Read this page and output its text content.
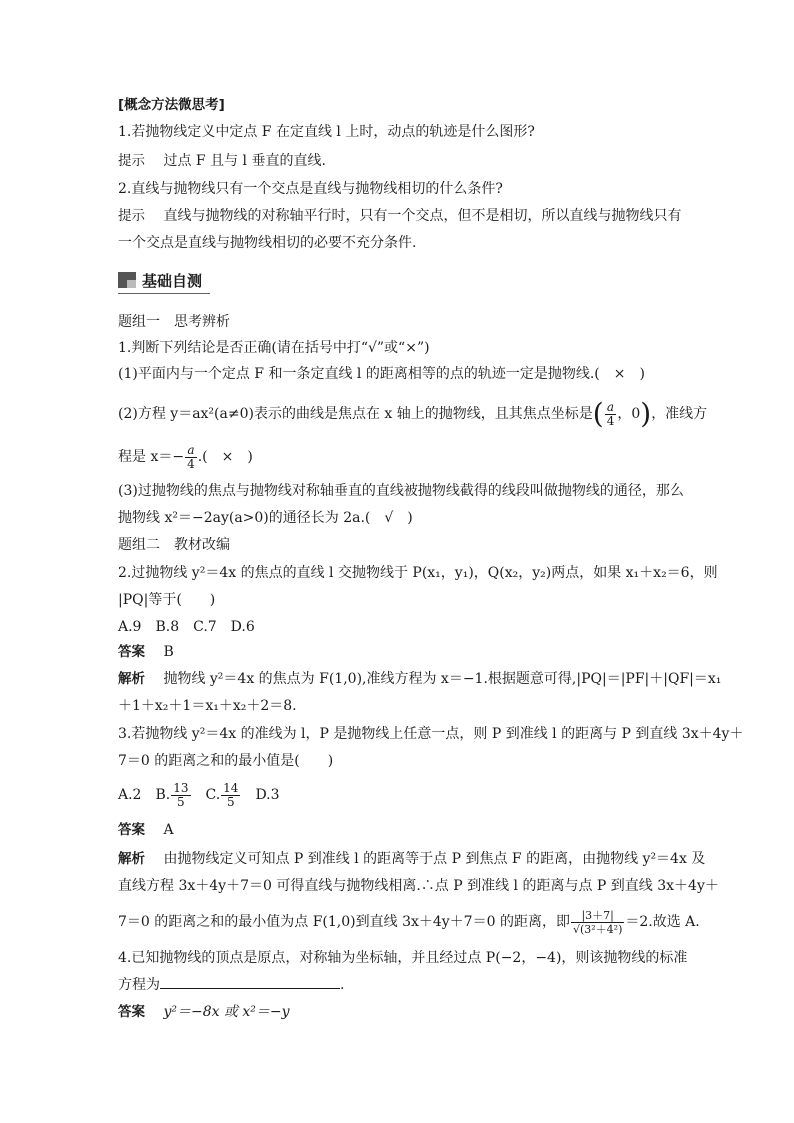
[概念方法微思考]
1.若抛物线定义中定点 F 在定直线 l 上时，动点的轨迹是什么图形?
提示 过点 F 且与 l 垂直的直线.
2.直线与抛物线只有一个交点是直线与抛物线相切的什么条件?
提示 直线与抛物线的对称轴平行时，只有一个交点，但不是相切，所以直线与抛物线只有
一个交点是直线与抛物线相切的必要不充分条件.
基础自测
题组一　思考辨析
1.判断下列结论是否正确(请在括号中打“√”或“×”)
(1)平面内与一个定点 F 和一条定直线 l 的距离相等的点的轨迹一定是抛物线.(　×　)
(2)方程 y＝ax²(a≠0)表示的曲线是焦点在 x 轴上的抛物线，且其焦点坐标是( $\frac{a}{4}$ ，0)，准线方
程是 $x=- \frac{a}{4}$ .(　×　)
(3)过抛物线的焦点与抛物线对称轴垂直的直线被抛物线截得的线段叫做抛物线的通径，那么
抛物线 x²＝−2ay(a>0)的通径长为 2a.(　√　)
题组二　教材改编
2.过抛物线 y²＝4x 的焦点的直线 l 交抛物线于 P(x₁，y₁)，Q(x₂，y₂)两点，如果 x₁＋x₂＝6，则
|PQ|等于(　　)
A.9　B.8　C.7　D.6
答案 B
解析 抛物线 y²＝4x 的焦点为 F(1,0),准线方程为 x＝−1.根据题意可得,|PQ|＝|PF|＋|QF|＝x₁
＋1＋x₂＋1＝x₁＋x₂＋2＝8.
3.若抛物线 y²＝4x 的准线为 l，P 是抛物线上任意一点，则 P 到准线 l 的距离与 P 到直线 3x＋4y＋
7＝0 的距离之和的最小值是(　　)
A.2　B. $\frac{13}{5}$ 　C. $\frac{14}{5}$ 　D.3
答案 A
解析 由抛物线定义可知点 P 到准线 l 的距离等于点 P 到焦点 F 的距离，由抛物线 y²＝4x 及
直线方程 3x＋4y＋7＝0 可得直线与抛物线相离.∴点 P 到准线 l 的距离与点 P 到直线 3x＋4y＋
7＝0 的距离之和的最小值为点 F(1,0)到直线 3x＋4y＋7＝0 的距离，即 $\frac{|3+7|}{\text{√(3²＋4²)}} =2$.故选 A.
4.已知抛物线的顶点是原点，对称轴为坐标轴，并且经过点 P(−2，−4)，则该抛物线的标准
方程为	.
答案 y²＝−8x 或 x²＝−y
